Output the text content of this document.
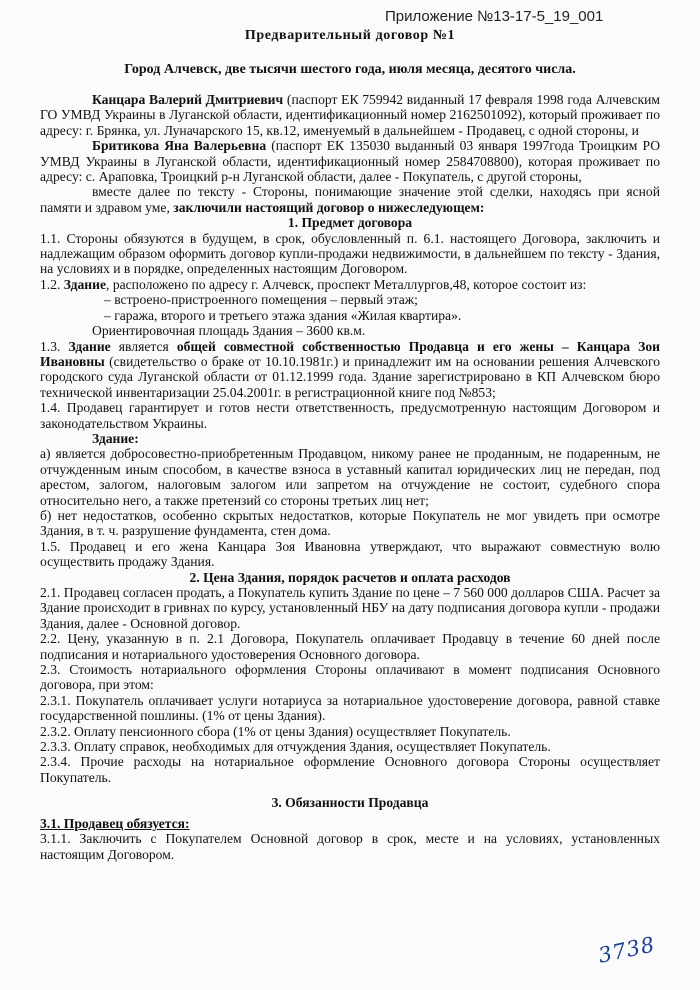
Приложение №13-17-5_19_001
Предварительный договор №1
Город Алчевск, две тысячи шестого года, июля месяца, десятого числа.

Канцара Валерий Дмитриевич (паспорт ЕК 759942 виданный 17 февраля 1998 года Алчевским ГО УМВД Украины в Луганской области, идентификационный номер 2162501092), который проживает по адресу: г. Брянка, ул. Луначарского 15, кв.12, именуемый в дальнейшем - Продавец, с одной стороны, и

Бритикова Яна Валерьевна (паспорт ЕК 135030 выданный 03 января 1997года Троицким РО УМВД Украины в Луганской области, идентификационный номер 2584708800), которая проживает по адресу: с. Араповка, Троицкий р-н Луганской области, далее - Покупатель, с другой стороны,

вместе далее по тексту - Стороны, понимающие значение этой сделки, находясь при ясной памяти и здравом уме, заключили настоящий договор о нижеследующем:

1. Предмет договора

1.1. Стороны обязуются в будущем, в срок, обусловленный п. 6.1. настоящего Договора, заключить и надлежащим образом оформить договор купли-продажи недвижимости, в дальнейшем по тексту - Здания, на условиях и в порядке, определенных настоящим Договором.

1.2. Здание, расположено по адресу г. Алчевск, проспект Металлургов,48, которое состоит из:

– встроено-пристроенного помещения – первый этаж;

– гаража, второго и третьего этажа здания «Жилая квартира».

Ориентировочная площадь Здания – 3600 кв.м.

1.3. Здание является общей совместной собственностью Продавца и его жены – Канцара Зои Ивановны (свидетельство о браке от 10.10.1981г.) и принадлежит им на основании решения Алчевского городского суда Луганской области от 01.12.1999 года. Здание зарегистрировано в КП Алчевском бюро технической инвентаризации 25.04.2001г. в регистрационной книге под №853;

1.4. Продавец гарантирует и готов нести ответственность, предусмотренную настоящим Договором и законодательством Украины.

Здание:

а) является добросовестно-приобретенным Продавцом, никому ранее не проданным, не подаренным, не отчужденным иным способом, в качестве взноса в уставный капитал юридических лиц не передан, под арестом, залогом, налоговым залогом или запретом на отчуждение не состоит, судебного спора относительно него, а также претензий со стороны третьих лиц нет;

б) нет недостатков, особенно скрытых недостатков, которые Покупатель не мог увидеть при осмотре Здания, в т. ч. разрушение фундамента, стен дома.

1.5. Продавец и его жена Канцара Зоя Ивановна утверждают, что выражают совместную волю осуществить продажу Здания.

2. Цена Здания, порядок расчетов и оплата расходов

2.1. Продавец согласен продать, а Покупатель купить Здание по цене – 7 560 000 долларов США. Расчет за Здание происходит в гривнах по курсу, установленный НБУ на дату подписания договора купли - продажи Здания, далее - Основной договор.

2.2. Цену, указанную в п. 2.1 Договора, Покупатель оплачивает Продавцу в течение 60 дней после подписания и нотариального удостоверения Основного договора.

2.3. Стоимость нотариального оформления Стороны оплачивают в момент подписания Основного договора, при этом:

2.3.1. Покупатель оплачивает услуги нотариуса за нотариальное удостоверение договора, равной ставке государственной пошлины. (1% от цены Здания).

2.3.2. Оплату пенсионного сбора (1% от цены Здания) осуществляет Покупатель.

2.3.3. Оплату справок, необходимых для отчуждения Здания, осуществляет Покупатель.

2.3.4. Прочие расходы на нотариальное оформление Основного договора Стороны осуществляет Покупатель.

3. Обязанности Продавца

3.1. Продавец обязуется:

3.1.1. Заключить с Покупателем Основной договор в срок, месте и на условиях, установленных настоящим Договором.

3738
